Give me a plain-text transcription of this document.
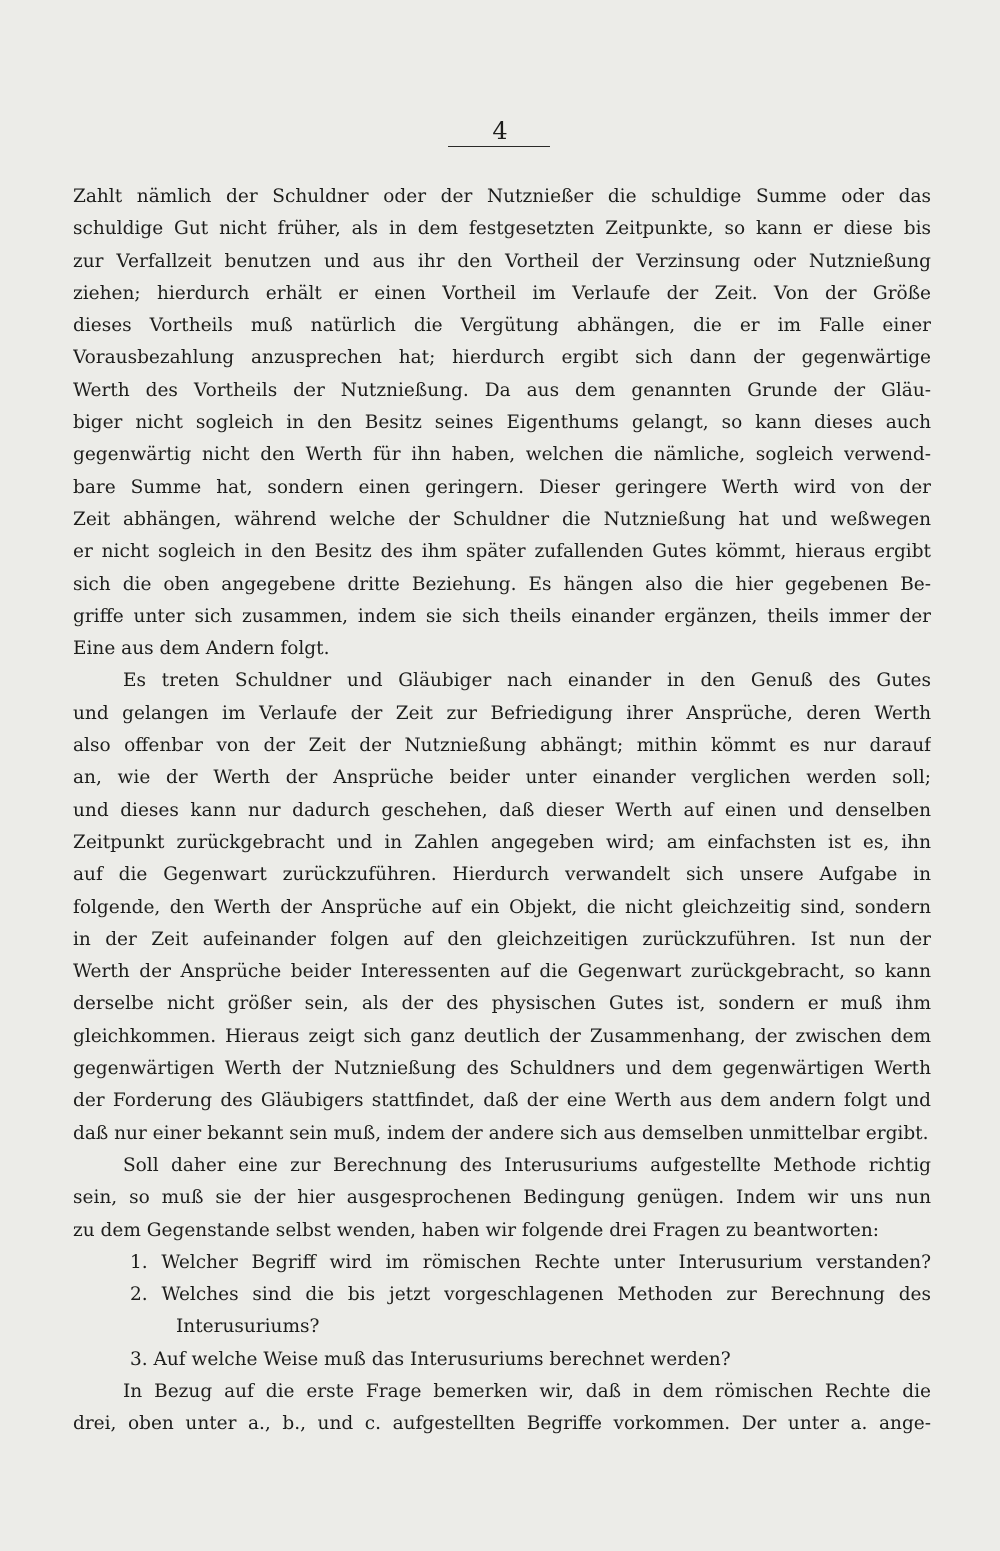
4
Zahlt nämlich der Schuldner oder der Nutznießer die schuldige Summe oder das
schuldige Gut nicht früher, als in dem festgesetzten Zeitpunkte, so kann er diese bis
zur Verfallzeit benutzen und aus ihr den Vortheil der Verzinsung oder Nutznießung
ziehen; hierdurch erhält er einen Vortheil im Verlaufe der Zeit. Von der Größe
dieses Vortheils muß natürlich die Vergütung abhängen, die er im Falle einer
Vorausbezahlung anzusprechen hat; hierdurch ergibt sich dann der gegenwärtige
Werth des Vortheils der Nutznießung. Da aus dem genannten Grunde der Gläu-
biger nicht sogleich in den Besitz seines Eigenthums gelangt, so kann dieses auch
gegenwärtig nicht den Werth für ihn haben, welchen die nämliche, sogleich verwend-
bare Summe hat, sondern einen geringern. Dieser geringere Werth wird von der
Zeit abhängen, während welche der Schuldner die Nutznießung hat und weßwegen
er nicht sogleich in den Besitz des ihm später zufallenden Gutes kömmt, hieraus ergibt
sich die oben angegebene dritte Beziehung. Es hängen also die hier gegebenen Be-
griffe unter sich zusammen, indem sie sich theils einander ergänzen, theils immer der
Eine aus dem Andern folgt.
Es treten Schuldner und Gläubiger nach einander in den Genuß des Gutes
und gelangen im Verlaufe der Zeit zur Befriedigung ihrer Ansprüche, deren Werth
also offenbar von der Zeit der Nutznießung abhängt; mithin kömmt es nur darauf
an, wie der Werth der Ansprüche beider unter einander verglichen werden soll;
und dieses kann nur dadurch geschehen, daß dieser Werth auf einen und denselben
Zeitpunkt zurückgebracht und in Zahlen angegeben wird; am einfachsten ist es, ihn
auf die Gegenwart zurückzuführen. Hierdurch verwandelt sich unsere Aufgabe in
folgende, den Werth der Ansprüche auf ein Objekt, die nicht gleichzeitig sind, sondern
in der Zeit aufeinander folgen auf den gleichzeitigen zurückzuführen. Ist nun der
Werth der Ansprüche beider Interessenten auf die Gegenwart zurückgebracht, so kann
derselbe nicht größer sein, als der des physischen Gutes ist, sondern er muß ihm
gleichkommen. Hieraus zeigt sich ganz deutlich der Zusammenhang, der zwischen dem
gegenwärtigen Werth der Nutznießung des Schuldners und dem gegenwärtigen Werth
der Forderung des Gläubigers stattfindet, daß der eine Werth aus dem andern folgt und
daß nur einer bekannt sein muß, indem der andere sich aus demselben unmittelbar ergibt.
Soll daher eine zur Berechnung des Interusuriums aufgestellte Methode richtig
sein, so muß sie der hier ausgesprochenen Bedingung genügen. Indem wir uns nun
zu dem Gegenstande selbst wenden, haben wir folgende drei Fragen zu beantworten:
1. Welcher Begriff wird im römischen Rechte unter Interusurium verstanden?
2. Welches sind die bis jetzt vorgeschlagenen Methoden zur Berechnung des
Interusuriums?
3. Auf welche Weise muß das Interusuriums berechnet werden?
In Bezug auf die erste Frage bemerken wir, daß in dem römischen Rechte die
drei, oben unter a., b., und c. aufgestellten Begriffe vorkommen. Der unter a. ange-
